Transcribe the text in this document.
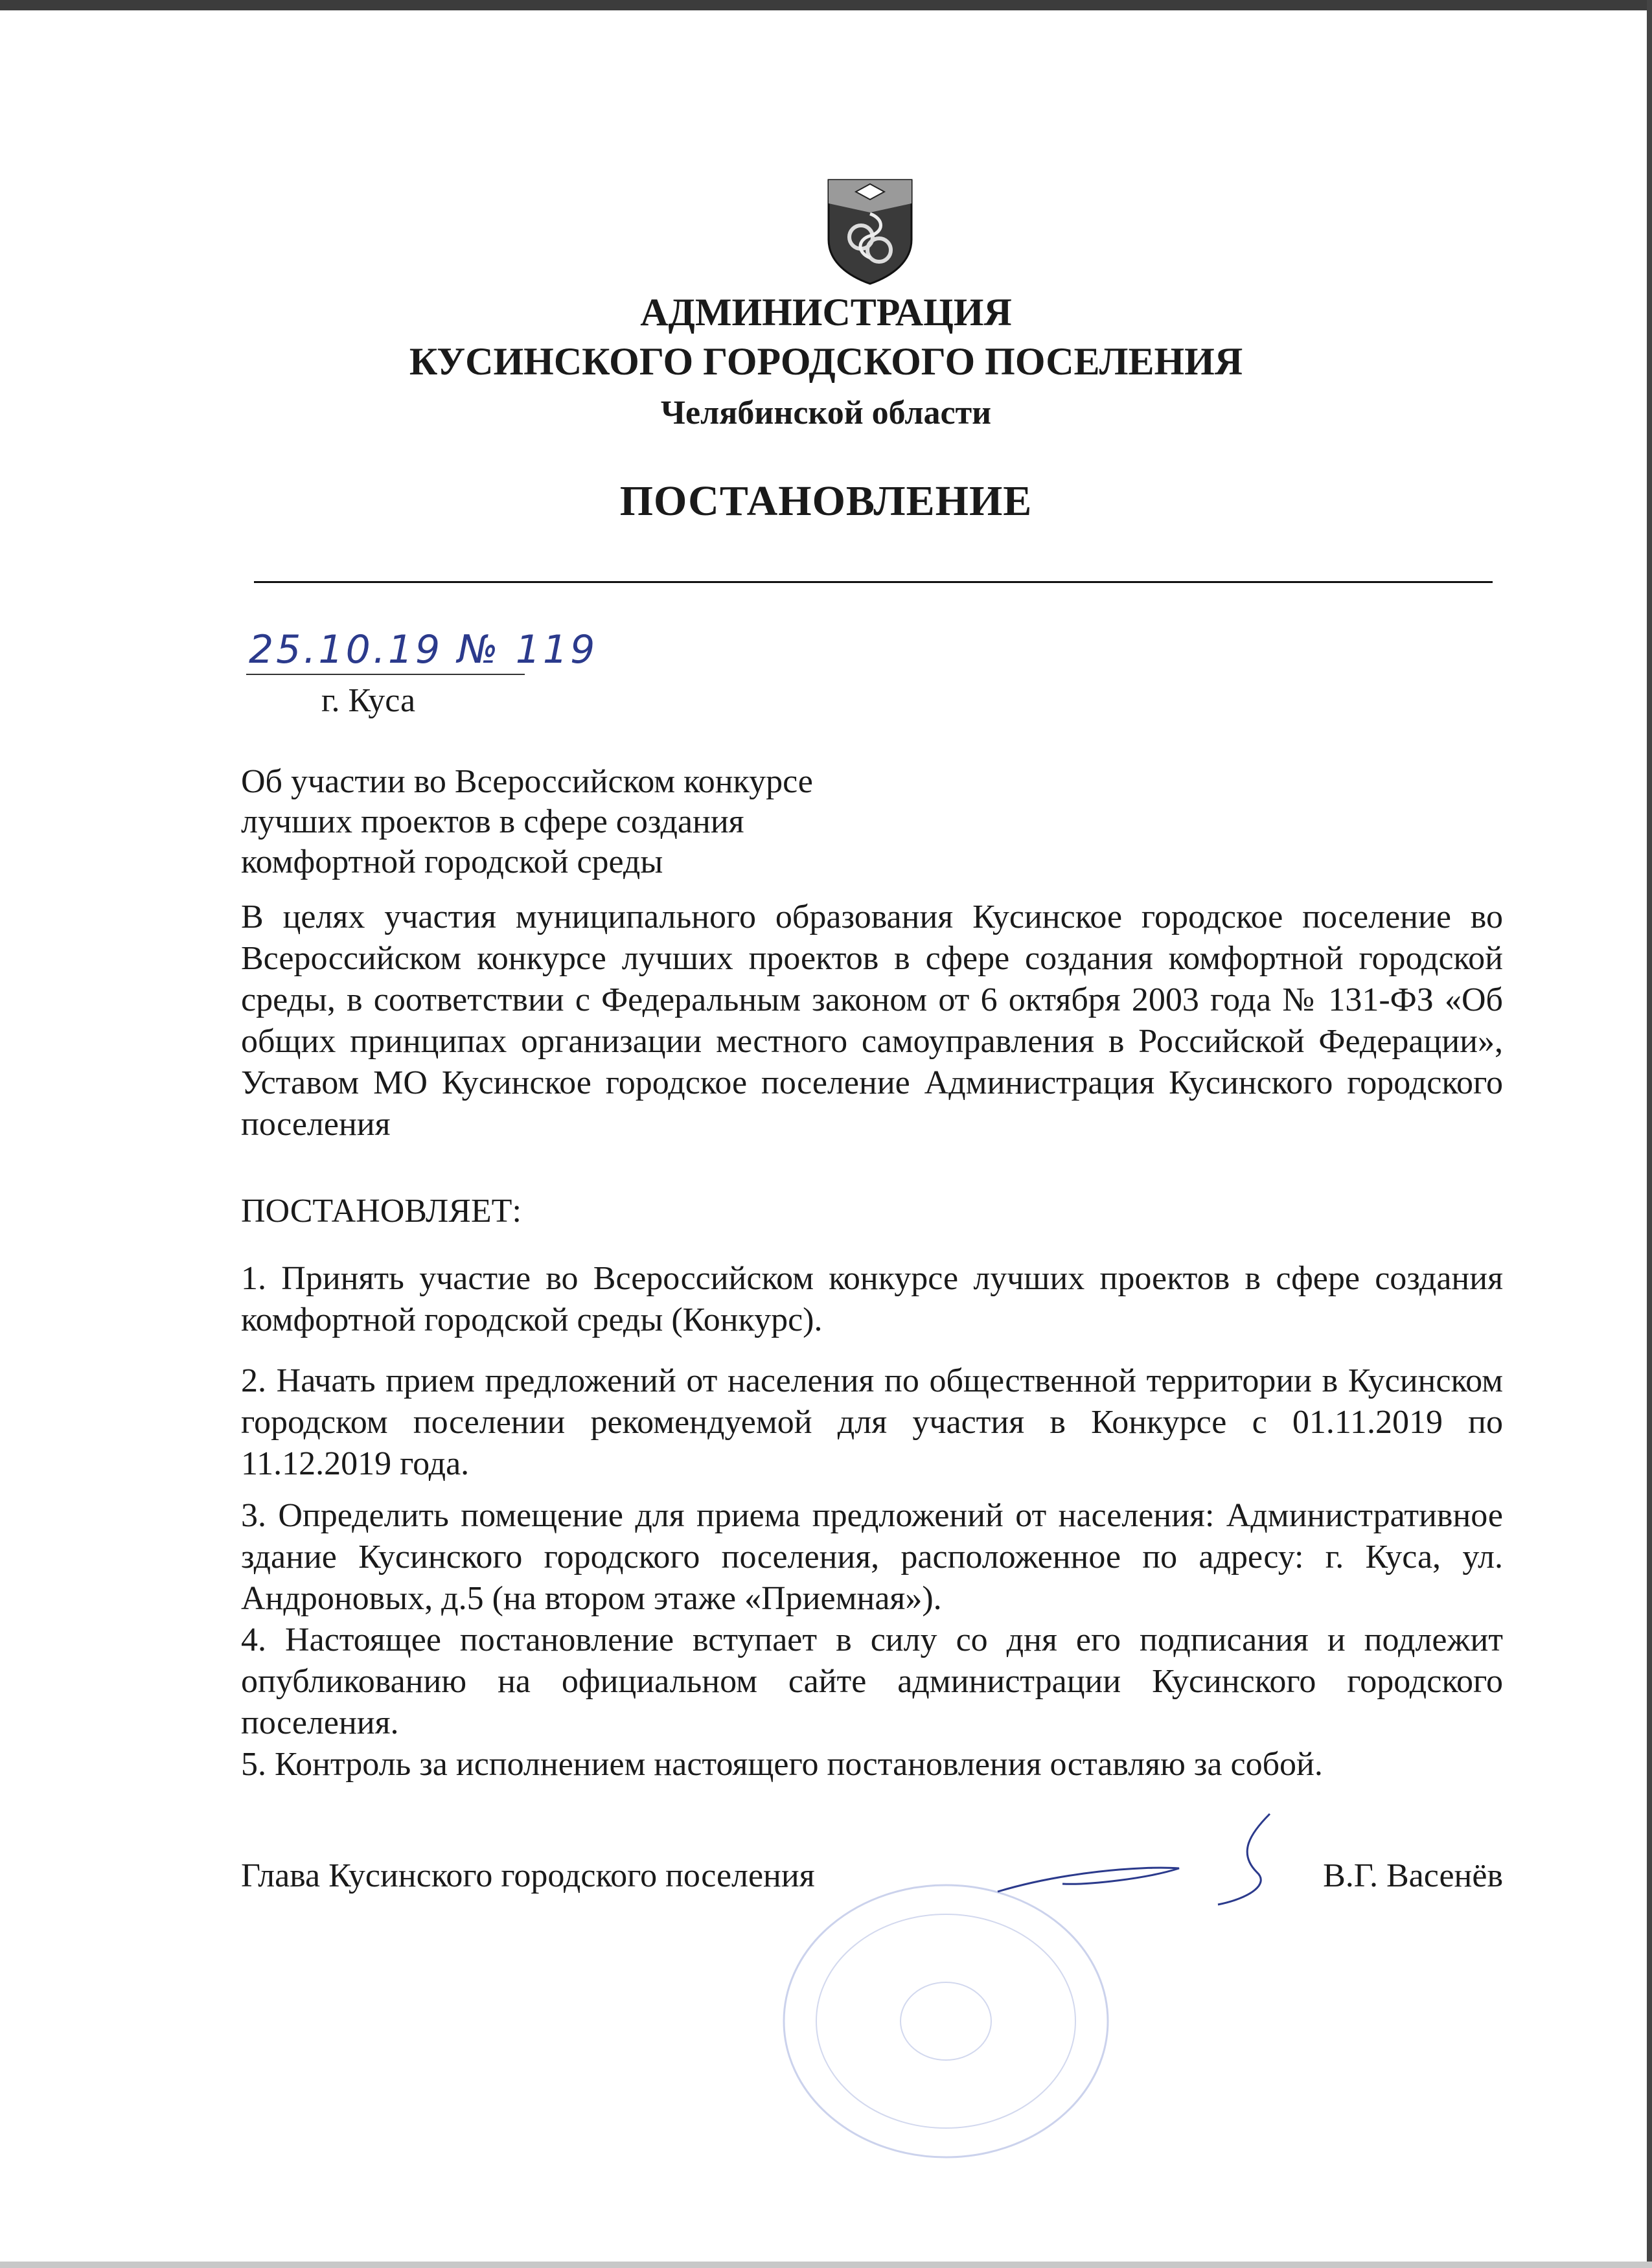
АДМИНИСТРАЦИЯ
КУСИНСКОГО ГОРОДСКОГО ПОСЕЛЕНИЯ
Челябинской области
ПОСТАНОВЛЕНИЕ
25.10.19 № 119
г. Куса
Об участии во Всероссийском конкурсе
лучших проектов в сфере создания
комфортной городской среды

В целях участия муниципального образования Кусинское городское поселение во Всероссийском конкурсе лучших проектов в сфере создания комфортной городской среды, в соответствии с Федеральным законом от 6 октября 2003 года № 131-ФЗ «Об общих принципах организации местного самоуправления в Российской Федерации», Уставом МО Кусинское городское поселение Администрация Кусинского городского поселения

ПОСТАНОВЛЯЕТ:

1. Принять участие во Всероссийском конкурсе лучших проектов в сфере создания комфортной городской среды (Конкурс).

2. Начать прием предложений от населения по общественной территории в Кусинском городском поселении рекомендуемой для участия в Конкурсе с 01.11.2019 по 11.12.2019 года.

3. Определить помещение для приема предложений от населения: Административное здание Кусинского городского поселения, расположенное по адресу: г. Куса, ул. Андроновых, д.5 (на втором этаже «Приемная»).

4. Настоящее постановление вступает в силу со дня его подписания и подлежит опубликованию на официальном сайте администрации Кусинского городского поселения.

5. Контроль за исполнением настоящего постановления оставляю за собой.

Глава Кусинского городского поселения	В.Г. Васенёв
